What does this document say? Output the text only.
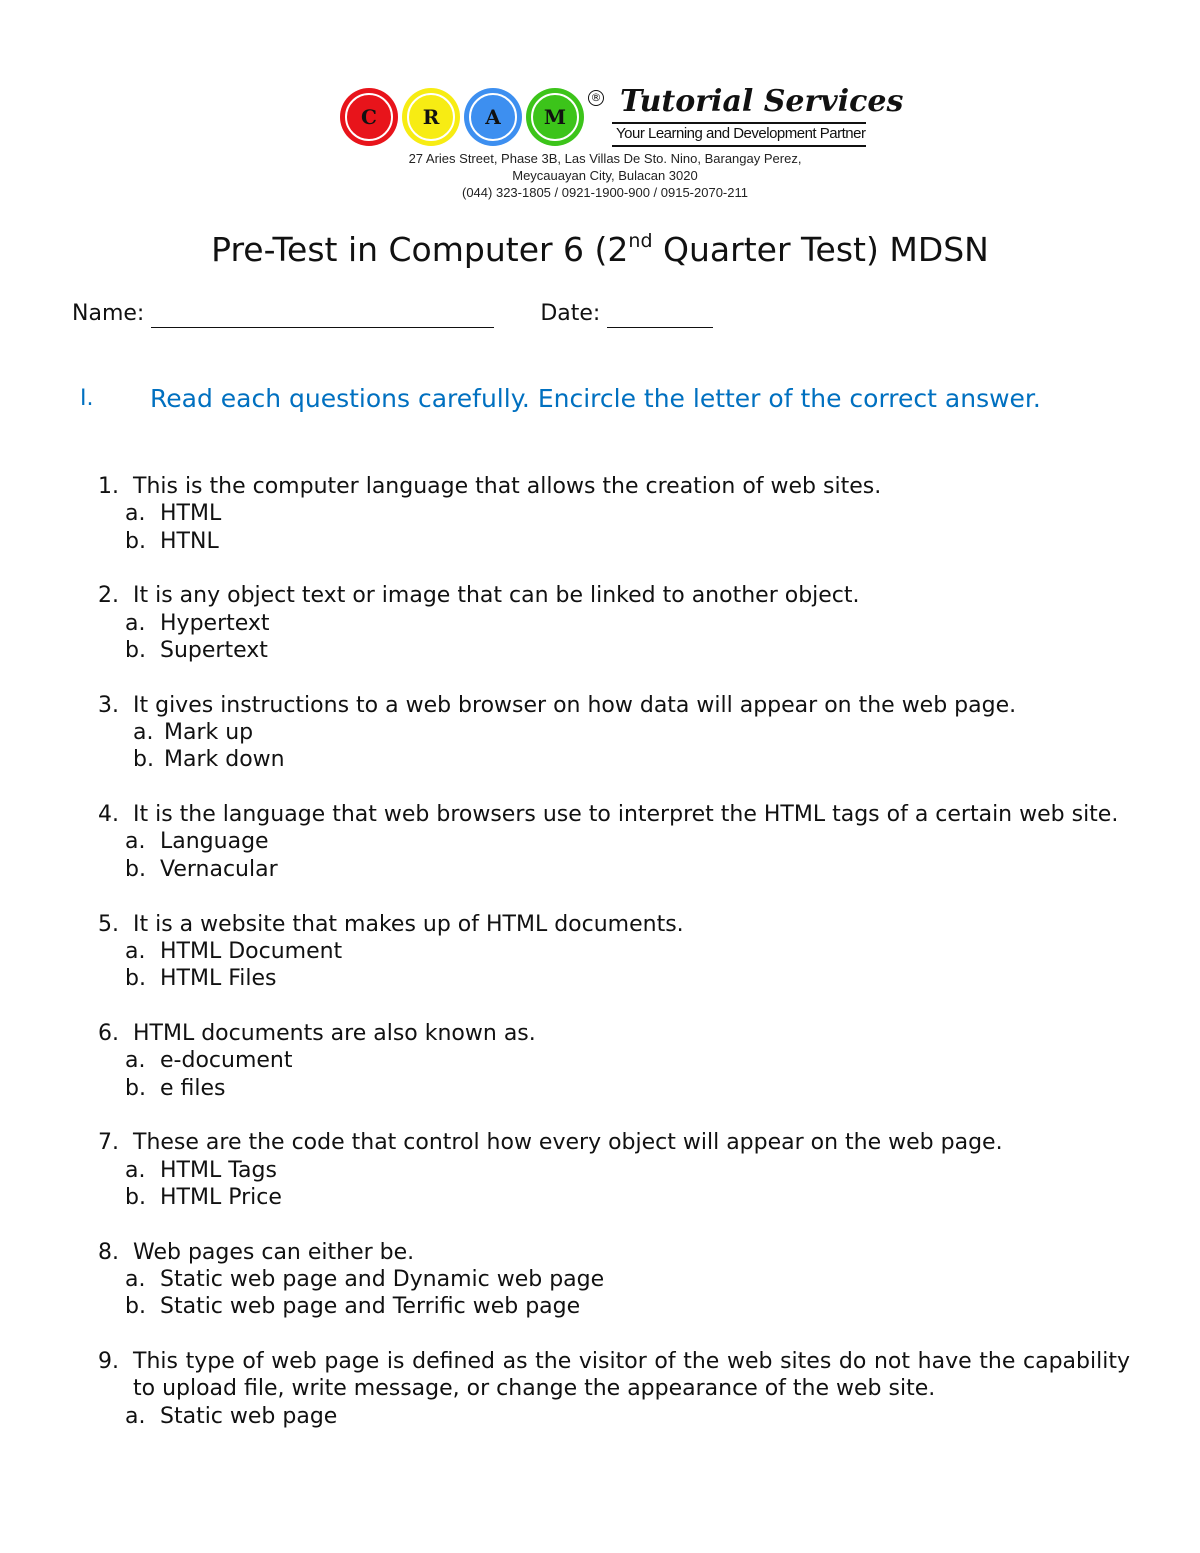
C	R	A	M
® Tutorial Services
Your Learning and Development Partner
27 Aries Street, Phase 3B, Las Villas De Sto. Nino, Barangay Perez,
Meycauayan City, Bulacan 3020
(044) 323-1805 / 0921-1900-900 / 0915-2070-211
Pre-Test in Computer 6 (2nd Quarter Test) MDSN
Name:	Date:
I.	Read each questions carefully. Encircle the letter of the correct answer.
1. This is the computer language that allows the creation of web sites.
a. HTML
b. HTNL
2. It is any object text or image that can be linked to another object.
a. Hypertext
b. Supertext
3. It gives instructions to a web browser on how data will appear on the web page.
a. Mark up
b. Mark down
4. It is the language that web browsers use to interpret the HTML tags of a certain web site.
a. Language
b. Vernacular
5. It is a website that makes up of HTML documents.
a. HTML Document
b. HTML Files
6. HTML documents are also known as.
a. e-document
b. e files
7. These are the code that control how every object will appear on the web page.
a. HTML Tags
b. HTML Price
8. Web pages can either be.
a. Static web page and Dynamic web page
b. Static web page and Terrific web page
9. This type of web page is defined as the visitor of the web sites do not have the capability to upload file, write message, or change the appearance of the web site.
a. Static web page
